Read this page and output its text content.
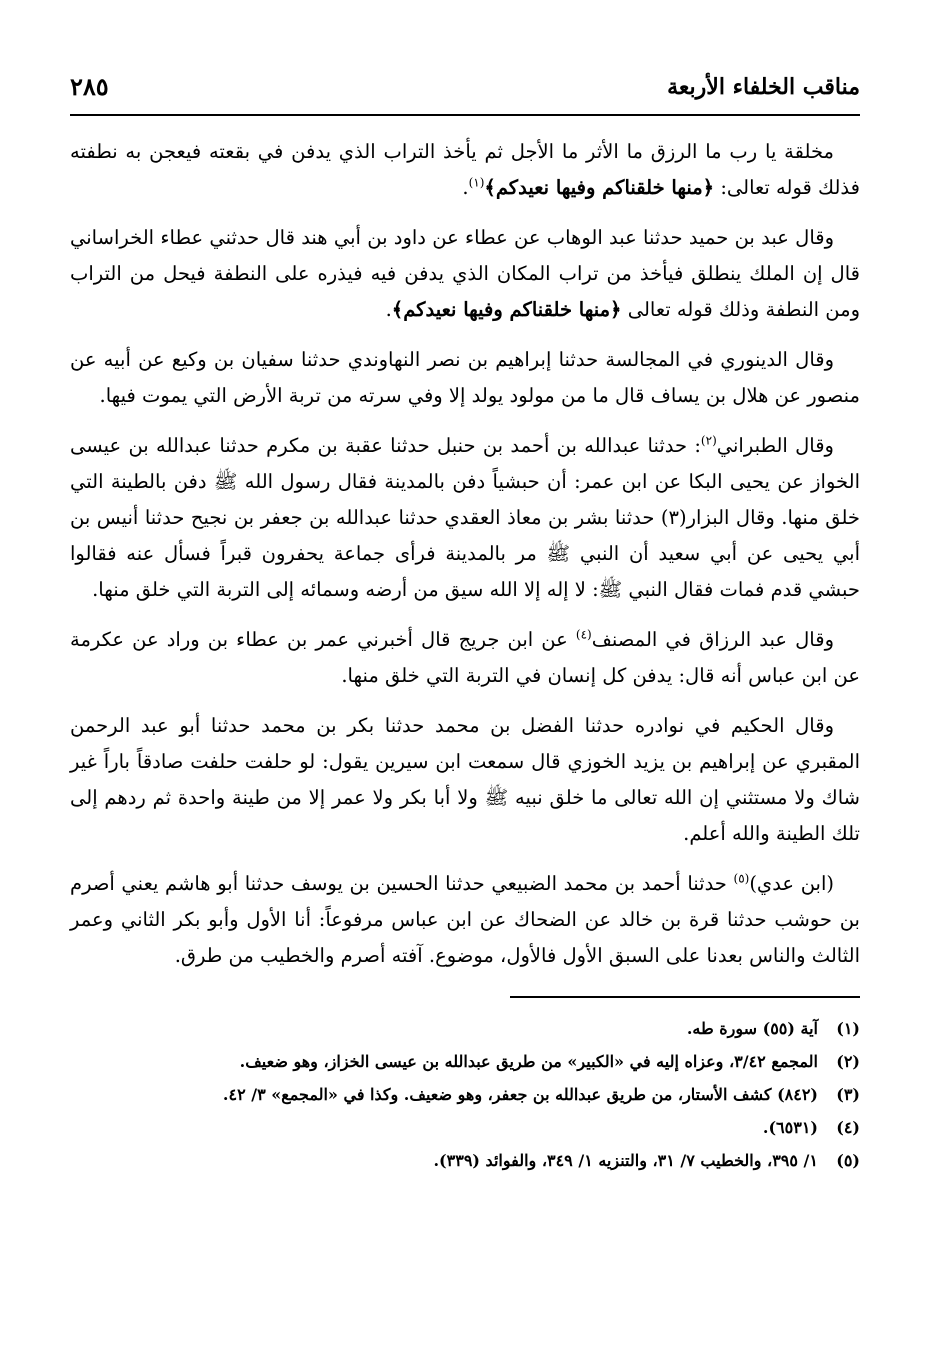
مناقب الخلفاء الأربعة
٢٨٥

مخلقة يا رب ما الرزق ما الأثر ما الأجل ثم يأخذ التراب الذي يدفن في بقعته فيعجن به نطفته فذلك قوله تعالى: ﴿منها خلقناكم وفيها نعيدكم﴾$^{(١)}$.

وقال عبد بن حميد حدثنا عبد الوهاب عن عطاء عن داود بن أبي هند قال حدثني عطاء الخراساني قال إن الملك ينطلق فيأخذ من تراب المكان الذي يدفن فيه فيذره على النطفة فيحل من التراب ومن النطفة وذلك قوله تعالى ﴿منها خلقناكم وفيها نعيدكم﴾.

وقال الدينوري في المجالسة حدثنا إبراهيم بن نصر النهاوندي حدثنا سفيان بن وكيع عن أبيه عن منصور عن هلال بن يساف قال ما من مولود يولد إلا وفي سرته من تربة الأرض التي يموت فيها.

وقال الطبراني$^{(٢)}$: حدثنا عبدالله بن أحمد بن حنبل حدثنا عقبة بن مكرم حدثنا عبدالله بن عيسى الخواز عن يحيى البكا عن ابن عمر: أن حبشياً دفن بالمدينة فقال رسول الله ﷺ دفن بالطينة التي خلق منها. وقال البزار(٣) حدثنا بشر بن معاذ العقدي حدثنا عبدالله بن جعفر بن نجيح حدثنا أنيس بن أبي يحيى عن أبي سعيد أن النبي ﷺ مر بالمدينة فرأى جماعة يحفرون قبراً فسأل عنه فقالوا حبشي قدم فمات فقال النبي ﷺ: لا إله إلا الله سيق من أرضه وسمائه إلى التربة التي خلق منها.

وقال عبد الرزاق في المصنف$^{(٤)}$ عن ابن جريج قال أخبرني عمر بن عطاء بن وراد عن عكرمة عن ابن عباس أنه قال: يدفن كل إنسان في التربة التي خلق منها.

وقال الحكيم في نوادره حدثنا الفضل بن محمد حدثنا بكر بن محمد حدثنا أبو عبد الرحمن المقبري عن إبراهيم بن يزيد الخوزي قال سمعت ابن سيرين يقول: لو حلفت حلفت صادقاً باراً غير شاك ولا مستثني إن الله تعالى ما خلق نبيه ﷺ ولا أبا بكر ولا عمر إلا من طينة واحدة ثم ردهم إلى تلك الطينة والله أعلم.

(ابن عدي)$^{(٥)}$ حدثنا أحمد بن محمد الضبيعي حدثنا الحسين بن يوسف حدثنا أبو هاشم يعني أصرم بن حوشب حدثنا قرة بن خالد عن الضحاك عن ابن عباس مرفوعاً: أنا الأول وأبو بكر الثاني وعمر الثالث والناس بعدنا على السبق الأول فالأول، موضوع. آفته أصرم والخطيب من طرق.

(١)آية (٥٥) سورة طه.
(٢)المجمع ٣/٤٢، وعزاه إليه في «الكبير» من طريق عبدالله بن عيسى الخزاز، وهو ضعيف.
(٣)(٨٤٢) كشف الأستار، من طريق عبدالله بن جعفر، وهو ضعيف. وكذا في «المجمع» ٣/ ٤٢.
(٤)(٦٥٣١).
(٥)١/ ٣٩٥، والخطيب ٧/ ٣١، والتنزيه ١/ ٣٤٩، والفوائد (٣٣٩).
